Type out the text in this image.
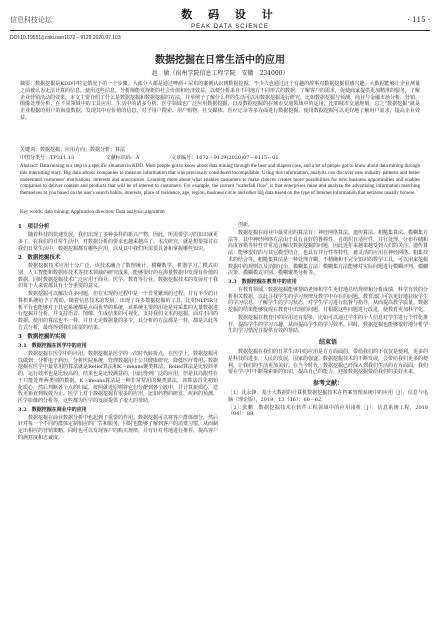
信息科技论坛	数 码 设 计
PEAK DATA SCIENCE
· 115 ·
DOI:10.19551/j.cnki.issn1672－9129.2020.07.103
数据挖掘在日常生活中的应用
赵　敏（宿州学院信息工程学院　安徽　234000）
摘要：数据挖掘是KDD中特定情况下的一个步骤。大部分人都是通过啤酒＋尿布的案例认识到数据挖掘，不少人也通过这个有趣的故事对数据挖掘很感兴趣。大数据能够让企业测量之前被认为无法计算的信息。使用这些信息，分析师能发现新的社会价值和经济效益，以便分析来自不同地方不同形式的数据，了解客户的需求，促使商家提供更加精准的服务，了解企业营销活动的效果。本文主要介绍了什么是数据挖掘和数据挖掘的方法，并举例子了解什么样的生活可以用数据挖掘进行研究，比如数据挖掘与预测、商业与金融市场分析、营销、图像处理分析、在不同领域中的工具应用、生活中的诸多分析、医学领域也广泛应用数据挖掘，以及数据挖掘的在城市交通领域中的运用，比如城市交通规划。总之“数据挖掘”就是企业根据的用户的海量数据，发现其中有价值的信息，对于用户搜索、用户购物、社交媒体、医疗记录等多方面进行数据挖掘，使用数据挖掘可以更好地了解用户需求，提高企业效益。
关键词：数据挖掘；应用方向；数据分析；算法
中图分类号：TP311.13	文献标识码：A	文章编号：1672－9129(2020)07－0115－01
Abstract: Data mining is a step in a specific situation in KDD. Most people got to know about data mining through the beer and diapers case, and a lot of people got to know about data mining through this interesting story. Big data allows companies to measure information that was previously considered incomputable. Using this information, analysts can discover new industry patterns and better understand customers' motivations, interests and annoyances. Learning more about what enables customers to make choices creates more possibilities for new business opportunities and enables companies to deliver content and products that will be of interest to customers. For example, the current "waterfall flow" is that enterprises mine and analyze the advertising information matching themselves to you based on the user's search habits, interests, place of residence, age, region, business circle and other big data based on the type of Internet information that netizens usually browse.
Key words: data mining; Application direction; Data analysis; algorithm
1　项目分析

随着科技的快速发展，我们出现了多种多样的新兴产物，因此，所需要学习的知识就更多了。在我们的日常生活中，对数据分析的要求也越来越高了。本次研究，就是想要探讨在我们日常生活中，数据挖掘都有哪些应用，以及其中我们所需要具备和掌握哪些知识。

2　数据挖掘技术

数据挖掘技术应用十分广泛，该技术融合了数理统计、模糊数学、机器学习、模式识别、人工智能和数据库技术等技术领域的研究成果，能够很好的在海量数据中发现有价值的数据。同时数据挖掘技术广泛应用于商业、医学、教育等行业。数据挖掘技术的发展对于我们每个人来说都具有十分重要的意义。

数据挖掘可以解决许多问题，但在实现的过程中是一个非常繁琐的过程。并有不少的计算机系统给予了帮助。随着信息技术的发展，出现了许多数据挖掘的工具，比如NLPIR分析平台也能够对于其它系统都是点面优势的系统，该系统主要的用途是对采集的大量数据进行挖掘并分析，并支持语音、图像、生成结果的可视化，支持我们文本的挖掘。面对不同的数据，使用的算法也不一样，并且无论数据量的多少，其分析的方法都是一样，都是以此等方式分析，最终得到我们需要的结果。

3　数据挖掘的实现
3.1　数据挖掘在医学中的应用

数据挖掘在医学中的应用。数据挖掘是医学的一次时代转折点，在医学上，数据挖掘可以做到：分析电子病历，分析医院系统，管理数据用于公共健康研究，降低医疗费用。数据挖掘在医学中最常用的算法就是Relief算法和K－means聚类算法。Relief算法是比较简单的，运行效率也是比较高的，结果也是比较满意的，因此得到广泛的应用，但是其局限性在于只能处理两类别的数据。K－means算法是一种非常常用的聚类算法，该算法首先初始化质心，然后判断各个点的归属，按照就近原则将它们分配到各个簇中，并计算新质心，迭代更新直到收敛为止。医学上对于数据挖掘有很多的应用，比如药物的研发、疾病的预测、医学影像的分析等，这些都为医学的发展提供了很大的帮助。

3.2　数据挖掘在商业中的应用

数据挖掘在商业数据分析中也起到了重要的作用。数据挖掘可以将客户群体细分，然后针对每一个不同的群体定制相应的广告和服务，同时也能够了解到客户的消费习惯，从而制定出相应的营销策略。同时也可以发现客户的购买规律，并有针对性地进行推荐，提高客户的满意度和忠诚度。

创新。

数据挖掘在商业中最常用的算法有：神经网络算法、遗传算法、粗糙集算法、模糊集方法等。其中神经网络方法由于具有良好的鲁棒性、自组织自适应性、并行处理、分布存储和高度容错等特性非常适合解决数据挖掘的问题，因此近年来越来越受到人们的关注。遗传算法：能够很好的与其它模型结合，也具有并行性等特性，被灵活的应用在神经网络、粗集技术的结合等。粗糙集算法是一种处理含糊、不精确和不完全知识的数学工具，可以用来挖掘数据中的规则以及消除冗余。模糊集方法：模糊集方法能够对实际问题进行模糊评判、模糊决策、模糊模式识别、模糊聚类分析等。

3.3　数据挖掘在教育中的应用

在教育领域，数据挖掘能够帮助老师和学生更好地总结规律和分析成绩，科学有效的分析相关数据，以此寻找学生的学习规律及教学中存在的问题。教育部门可以更好地获取学生的学习信息，了解学生的学习状态，对学生学习进行监督与指导，从而提高教学质量。数据挖掘的结果能够发现在教育中出现的问题，并根据这些问题进行改进，使教育更加科学化。

数据挖掘在教育中的应用还有很多，比如可以通过学生的个人信息对学生进行个性化推荐，提高学生的学习兴趣，从而提高学生的学习效率。同时，数据挖掘也能够很好地分析学生的学习情况并提供有效的帮助。

结束语

数据挖掘在我们的日常生活中的应用是方方面面的，带给我们的不仅仅是便利，更多的是科技的进步，人民的发展，国家的强盛。数据挖掘技术的不断发展，会带给我们更多的便利，让我们的生活更加美好。在当今时代，数据挖掘已经深入到我们生活的方方面面，我们要在学习中不断探索新的知识，提高自己的能力，迎接数据挖掘带给我们的美好未来。

参考文献：
［1］沈永锋．基于大数据的计算机数据挖掘技术在档案管理系统中的应用［J］．信息与电脑（理论版），2019，13（16）：60－62．
［2］张鹏．数据挖掘技术在软件工程领域中的应用浅析［J］．信息系统工程，2018（04）：89．
